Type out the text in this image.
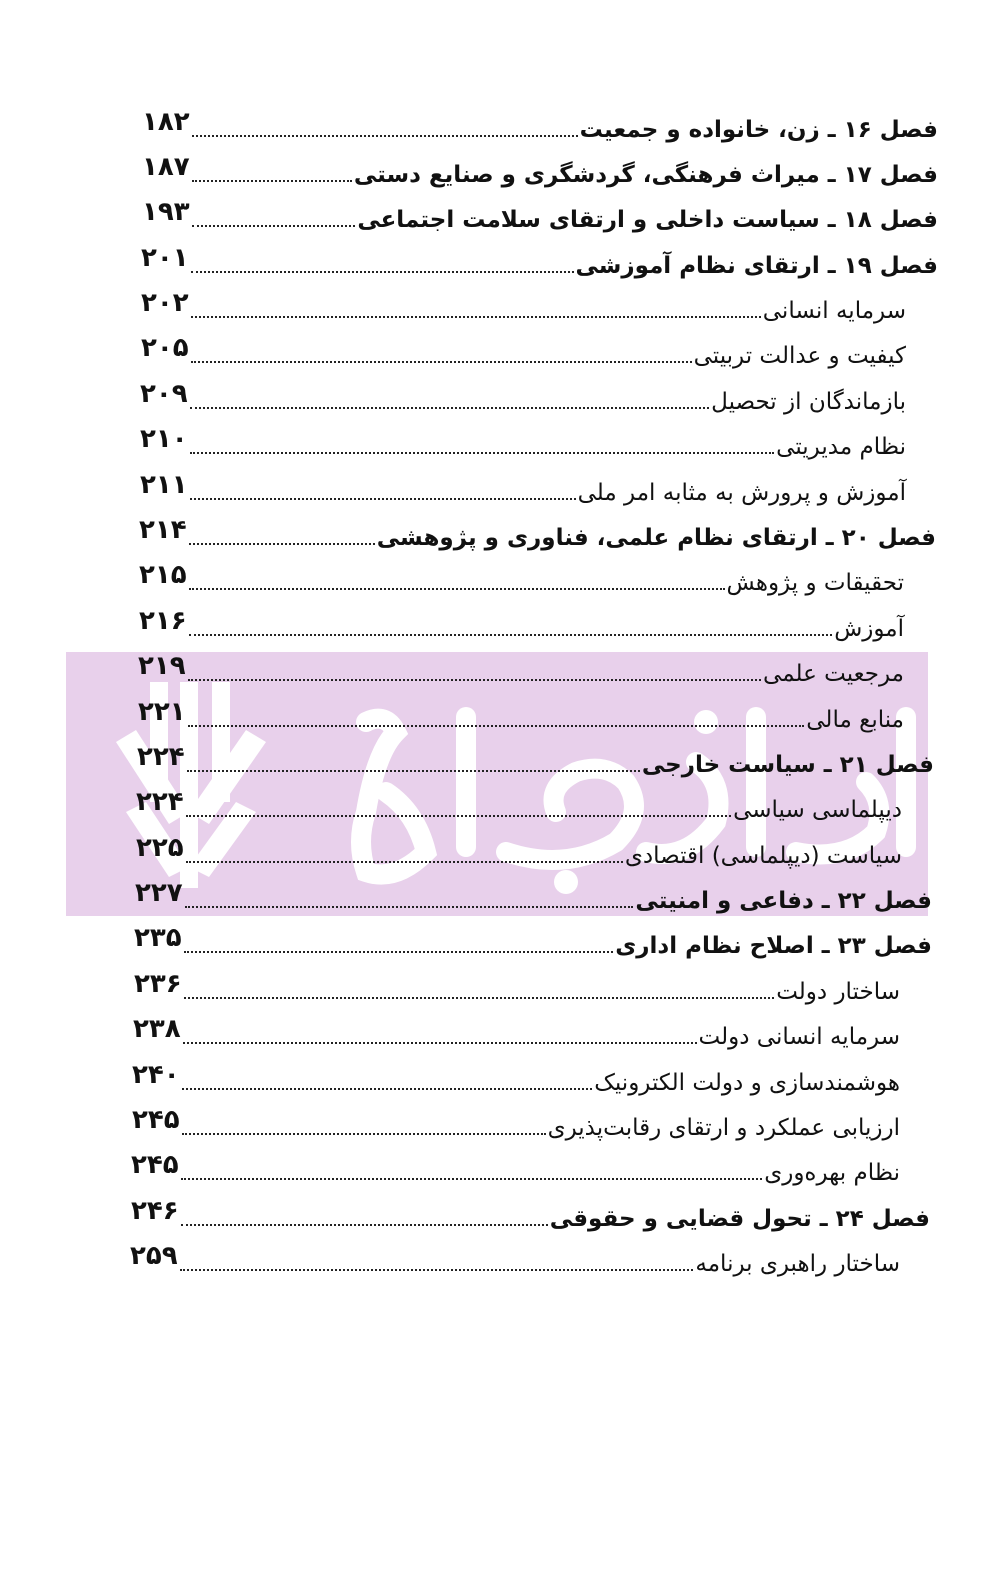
فصل ۱۶ ـ زن، خانواده و جمعیت
۱۸۲
فصل ۱۷ ـ میراث فرهنگی، گردشگری و صنایع دستی
۱۸۷
فصل ۱۸ ـ سیاست داخلی و ارتقای سلامت اجتماعی
۱۹۳
فصل ۱۹ ـ ارتقای نظام آموزشی
۲۰۱
سرمایه انسانی
۲۰۲
کیفیت و عدالت تربیتی
۲۰۵
بازماندگان از تحصیل
۲۰۹
نظام مدیریتی
۲۱۰
آموزش و پرورش به مثابه امر ملی
۲۱۱
فصل ۲۰ ـ ارتقای نظام علمی، فناوری و پژوهشی
۲۱۴
تحقیقات و پژوهش
۲۱۵
آموزش
۲۱۶
مرجعیت علمی
۲۱۹
منابع مالی
۲۲۱
فصل ۲۱ ـ سیاست خارجی
۲۲۴
دیپلماسی سیاسی
۲۲۴
سیاست (دیپلماسی) اقتصادی
۲۲۵
فصل ۲۲ ـ دفاعی و امنیتی
۲۲۷
فصل ۲۳ ـ اصلاح نظام اداری
۲۳۵
ساختار دولت
۲۳۶
سرمایه انسانی دولت
۲۳۸
هوشمندسازی و دولت الکترونیک
۲۴۰
ارزیابی عملکرد و ارتقای رقابت‌پذیری
۲۴۵
نظام بهره‌وری
۲۴۵
فصل ۲۴ ـ تحول قضایی و حقوقی
۲۴۶
ساختار راهبری برنامه
۲۵۹
